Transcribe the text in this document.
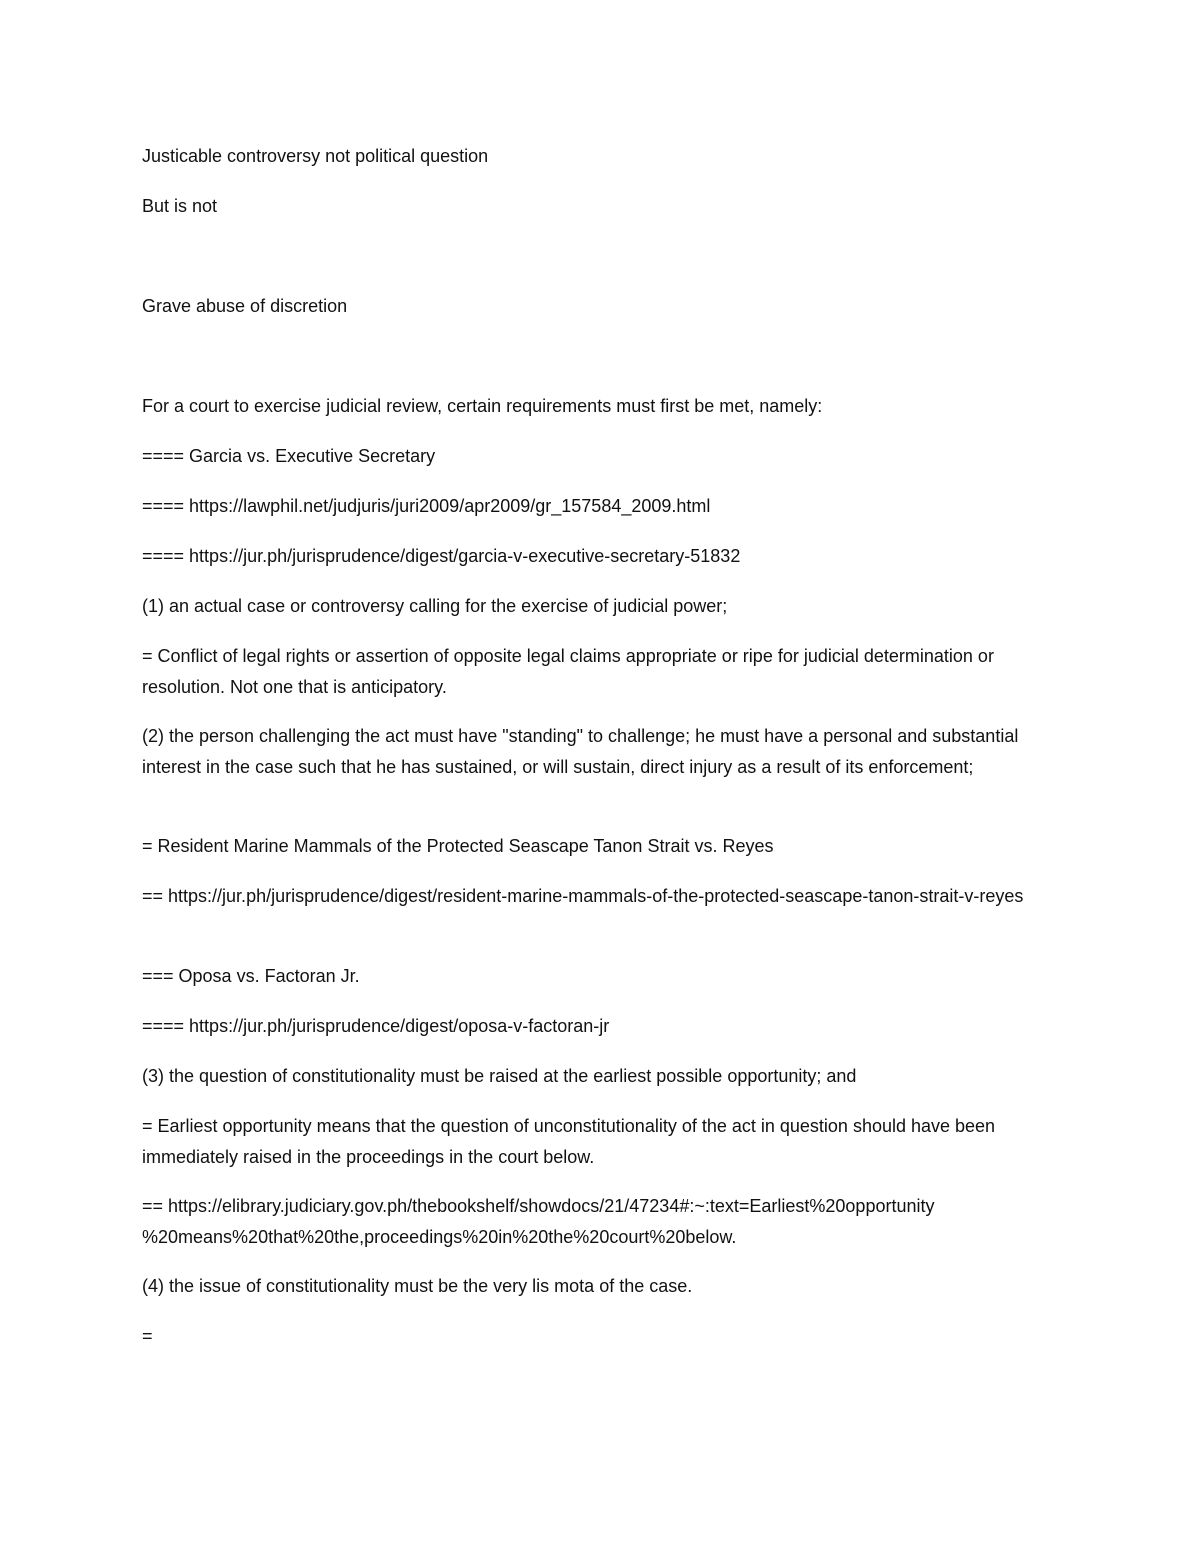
Justicable controversy not political question

But is not

Grave abuse of discretion

For a court to exercise judicial review, certain requirements must first be met, namely:

==== Garcia vs. Executive Secretary

==== https://lawphil.net/judjuris/juri2009/apr2009/gr_157584_2009.html

==== https://jur.ph/jurisprudence/digest/garcia-v-executive-secretary-51832

(1) an actual case or controversy calling for the exercise of judicial power;

= Conflict of legal rights or assertion of opposite legal claims appropriate or ripe for judicial determination or resolution. Not one that is anticipatory.

(2) the person challenging the act must have "standing" to challenge; he must have a personal and substantial interest in the case such that he has sustained, or will sustain, direct injury as a result of its enforcement;

= Resident Marine Mammals of the Protected Seascape Tanon Strait vs. Reyes

== https://jur.ph/jurisprudence/digest/resident-marine-mammals-of-the-protected-seascape-tanon-strait-v-reyes

=== Oposa vs. Factoran Jr.

==== https://jur.ph/jurisprudence/digest/oposa-v-factoran-jr

(3) the question of constitutionality must be raised at the earliest possible opportunity; and

= Earliest opportunity means that the question of unconstitutionality of the act in question should have been immediately raised in the proceedings in the court below.

== https://elibrary.judiciary.gov.ph/thebookshelf/showdocs/21/47234#:~:text=Earliest%20opportunity %20means%20that%20the,proceedings%20in%20the%20court%20below.

(4) the issue of constitutionality must be the very lis mota of the case.

=
